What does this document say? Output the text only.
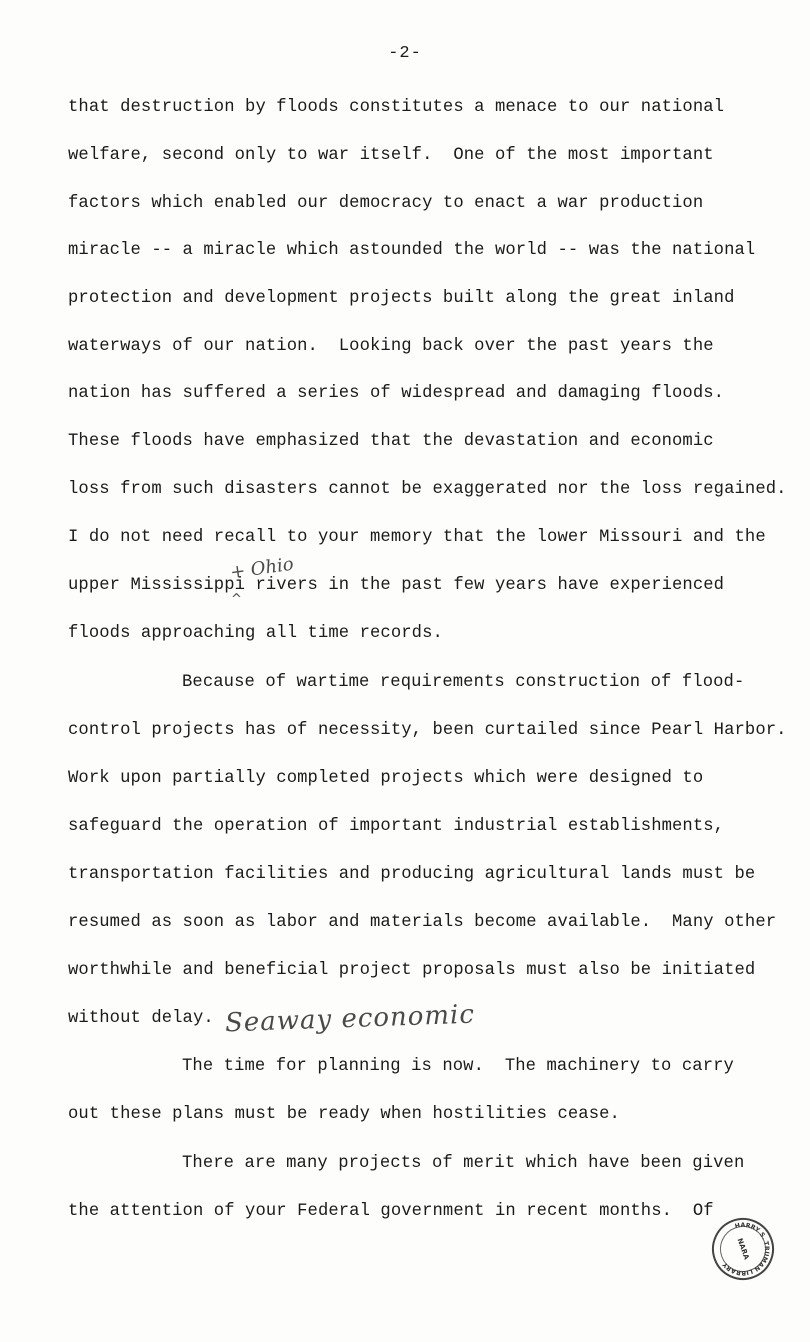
-2-

that destruction by floods constitutes a menace to our national

welfare, second only to war itself.  One of the most important

factors which enabled our democracy to enact a war production

miracle -- a miracle which astounded the world -- was the national

protection and development projects built along the great inland

waterways of our nation.  Looking back over the past years the

nation has suffered a series of widespread and damaging floods.

These floods have emphasized that the devastation and economic

loss from such disasters cannot be exaggerated nor the loss regained.

I do not need recall to your memory that the lower Missouri and the

upper Mississippi rivers in the past few years have experienced

floods approaching all time records.

Because of wartime requirements construction of flood-

control projects has of necessity, been curtailed since Pearl Harbor.

Work upon partially completed projects which were designed to

safeguard the operation of important industrial establishments,

transportation facilities and producing agricultural lands must be

resumed as soon as labor and materials become available.  Many other

worthwhile and beneficial project proposals must also be initiated

without delay.

The time for planning is now.  The machinery to carry

out these plans must be ready when hostilities cease.

There are many projects of merit which have been given

the attention of your Federal government in recent months.  Of

+ Ohio
^
Seaway economic
HARRY S. TRUMAN LIBRARY
NARA
